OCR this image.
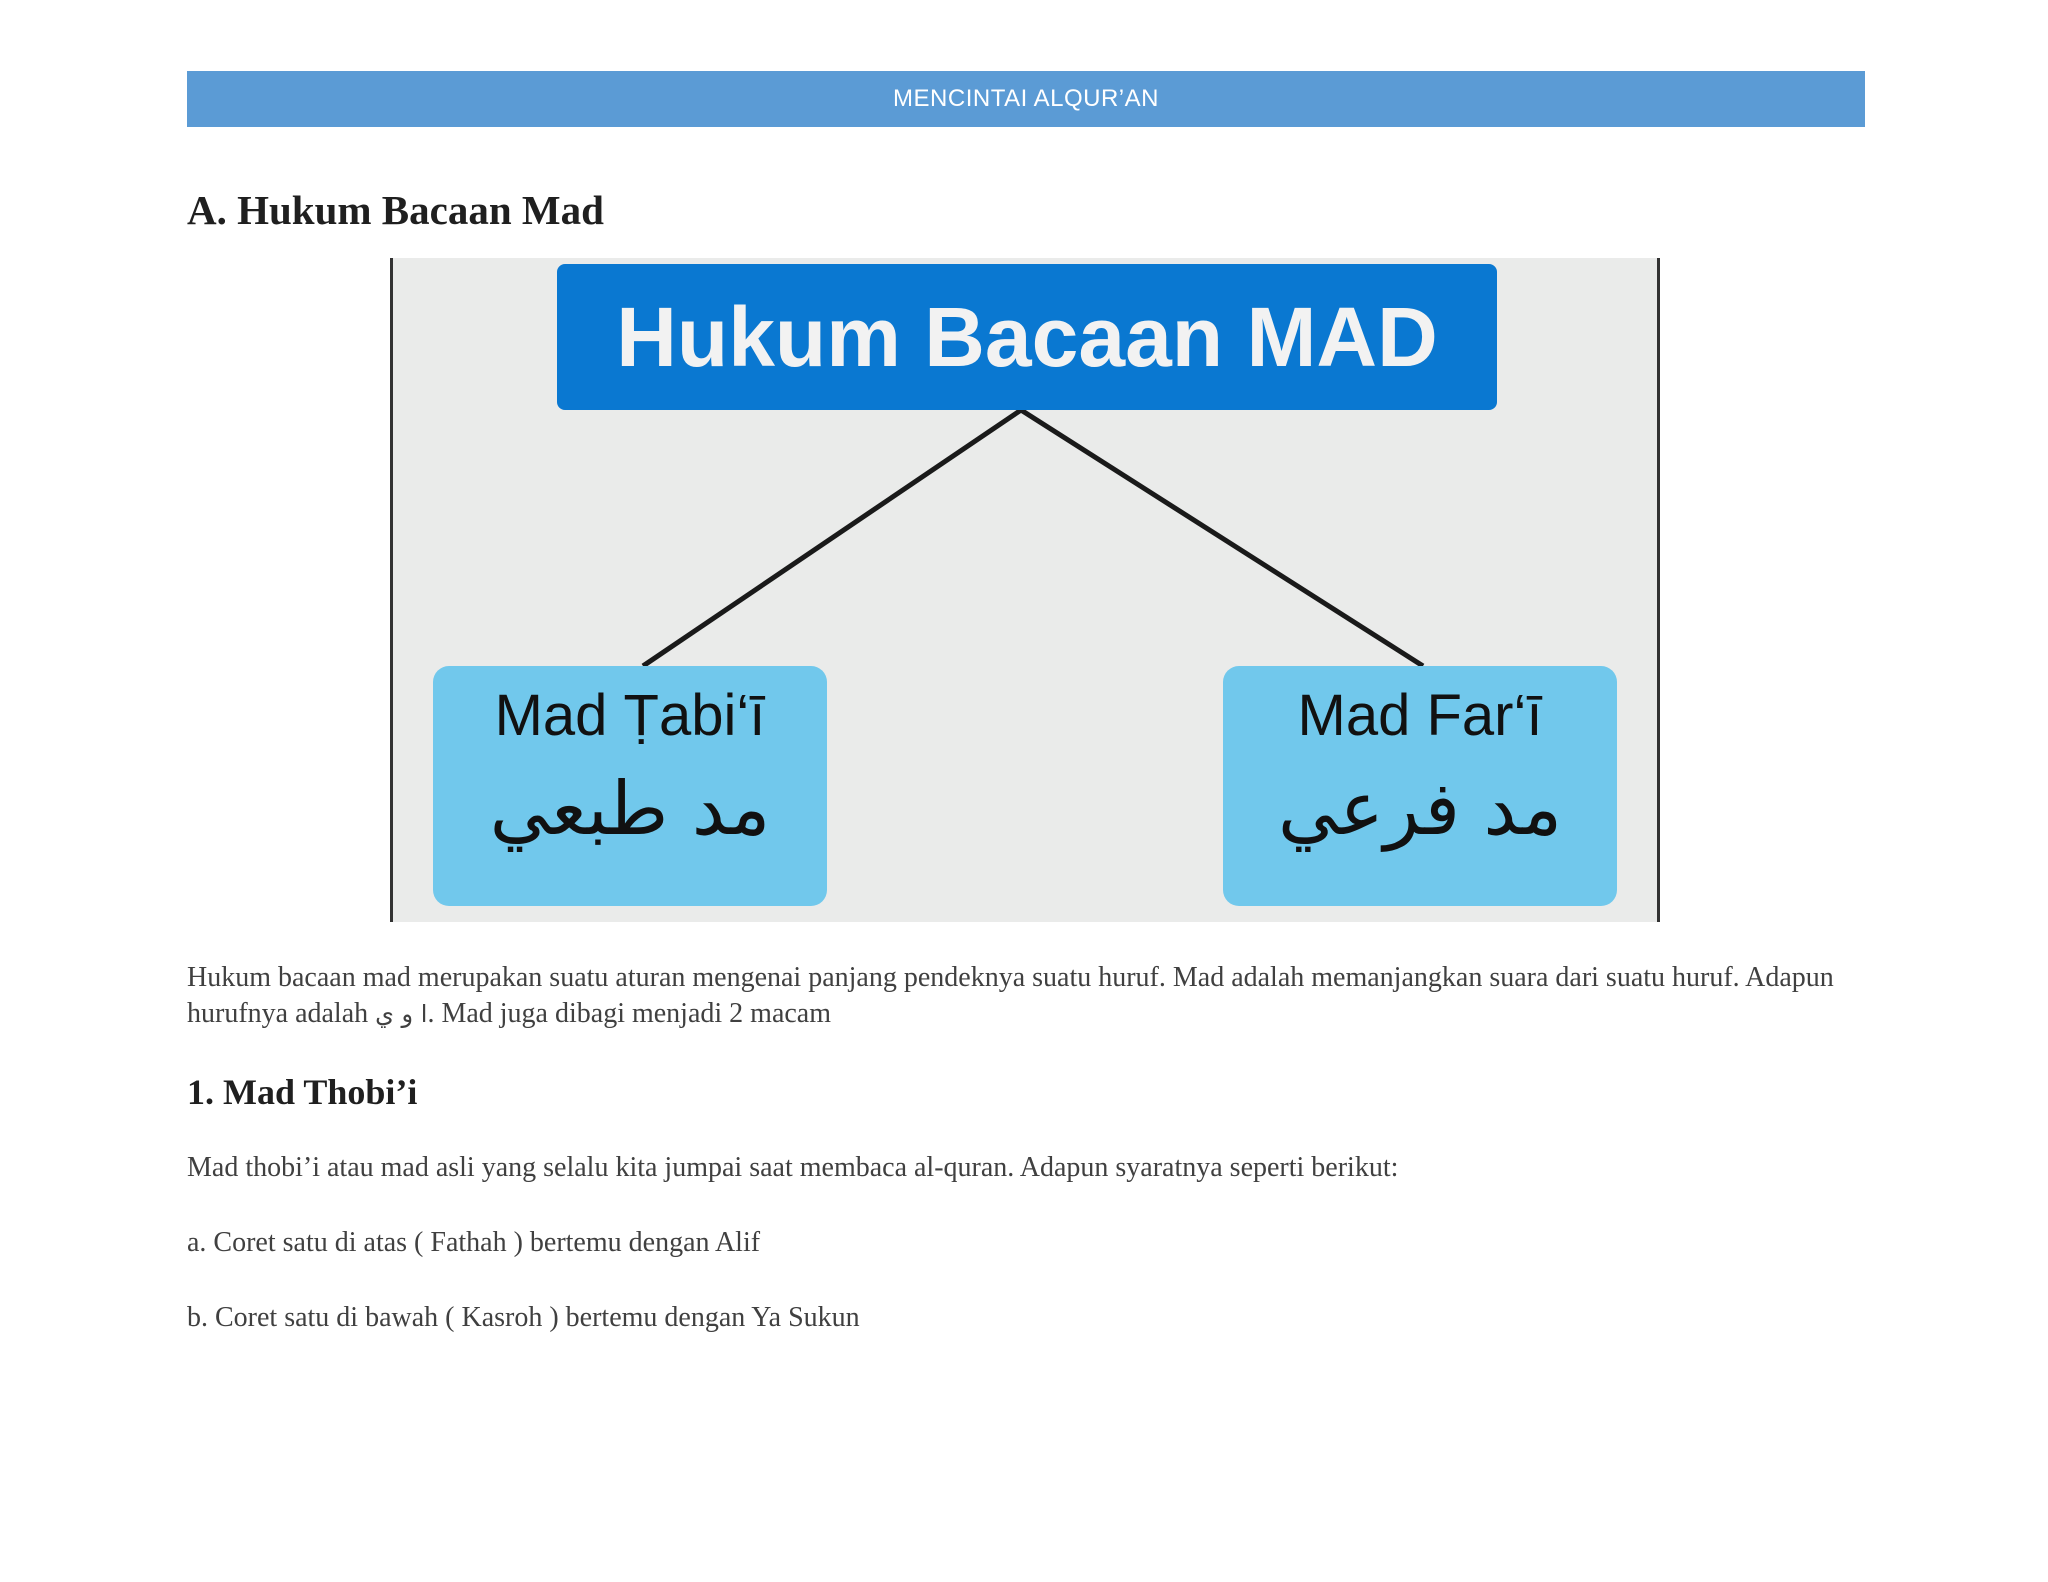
MENCINTAI ALQUR’AN
A. Hukum Bacaan Mad
Hukum Bacaan MAD
Mad Ṭabi‘ī
مد طبعي
Mad Far‘ī
مد فرعي

Hukum bacaan mad merupakan suatu aturan mengenai panjang pendeknya suatu huruf. Mad adalah memanjangkan suara dari suatu huruf. Adapun hurufnya adalah ا و ي. Mad juga dibagi menjadi 2 macam

1. Mad Thobi’i

Mad thobi’i atau mad asli yang selalu kita jumpai saat membaca al-quran. Adapun syaratnya seperti berikut:

a. Coret satu di atas ( Fathah ) bertemu dengan Alif

b. Coret satu di bawah ( Kasroh ) bertemu dengan Ya Sukun
